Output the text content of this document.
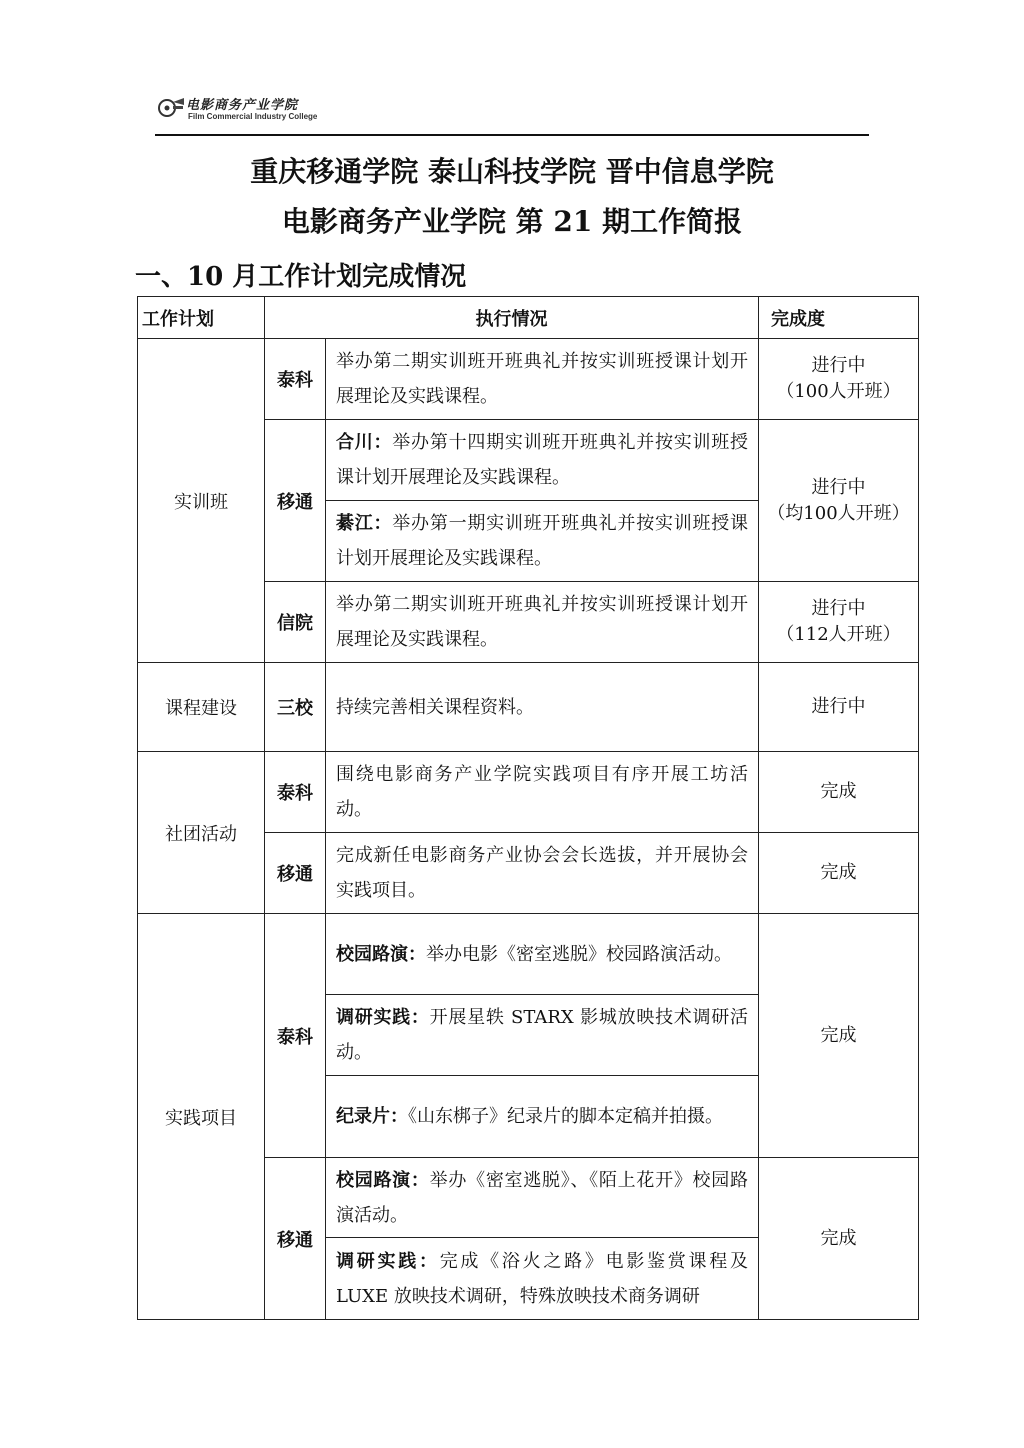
电影商务产业学院
Film Commercial Industry College
重庆移通学院 泰山科技学院 晋中信息学院
电影商务产业学院 第 21 期工作简报
一、10 月工作计划完成情况
工作计划	执行情况		完成度
实训班	泰科	举办第二期实训班开班典礼并按实训班授课计划开展理论及实践课程。	进行中
（100人开班）

	移通	合川：举办第十四期实训班开班典礼并按实训班授课计划开展理论及实践课程。	进行中
（均100人开班）

		綦江：举办第一期实训班开班典礼并按实训班授课计划开展理论及实践课程。	
	信院	举办第二期实训班开班典礼并按实训班授课计划开展理论及实践课程。	进行中
（112人开班）

课程建设	三校	持续完善相关课程资料。	进行中

社团活动	泰科	围绕电影商务产业学院实践项目有序开展工坊活动。	完成

	移通	完成新任电影商务产业协会会长选拔，并开展协会实践项目。	完成

实践项目	泰科	校园路演：举办电影《密室逃脱》校园路演活动。	完成

		调研实践：开展星轶 STARX 影城放映技术调研活动。	
		纪录片：《山东梆子》纪录片的脚本定稿并拍摄。	
	移通	校园路演：举办《密室逃脱》、《陌上花开》校园路演活动。	完成

		调研实践：完成《浴火之路》电影鉴赏课程及 LUXE 放映技术调研，特殊放映技术商务调研	
